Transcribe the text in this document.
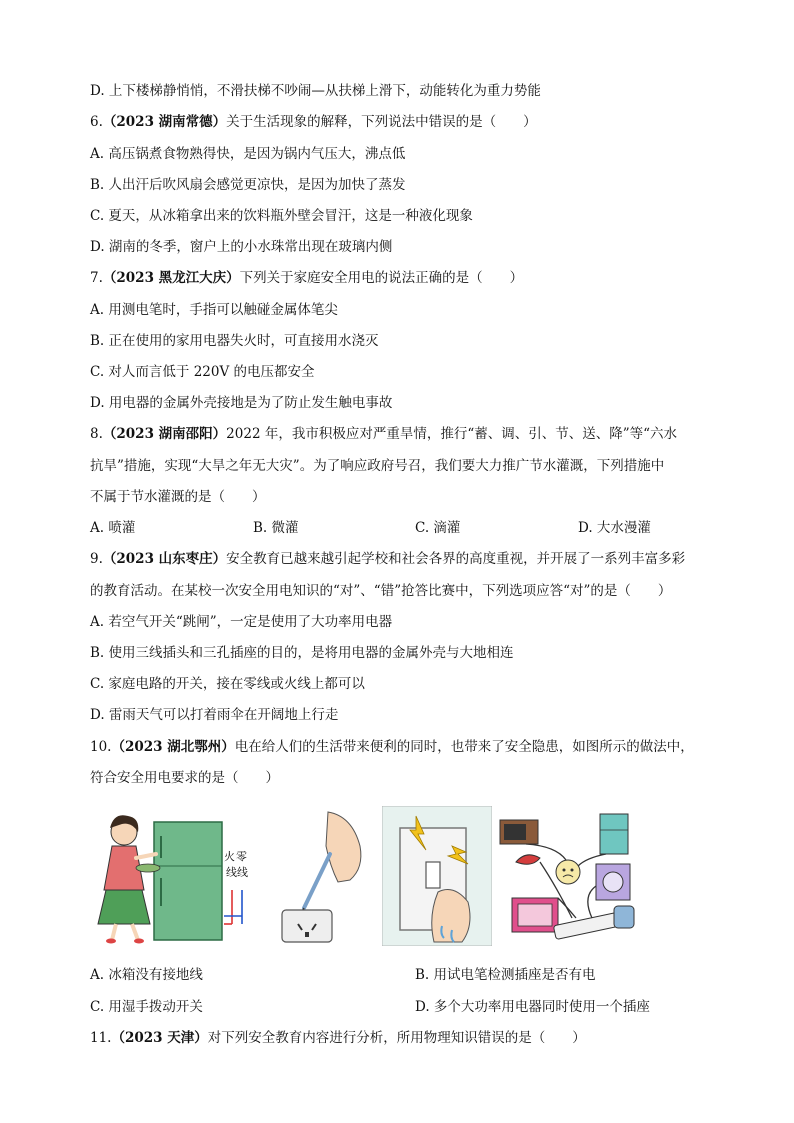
D. 上下楼梯静悄悄，不滑扶梯不吵闹—从扶梯上滑下，动能转化为重力势能
6.（2023 湖南常德）关于生活现象的解释，下列说法中错误的是（　　）
A. 高压锅煮食物熟得快，是因为锅内气压大，沸点低
B. 人出汗后吹风扇会感觉更凉快，是因为加快了蒸发
C. 夏天，从冰箱拿出来的饮料瓶外壁会冒汗，这是一种液化现象
D. 湖南的冬季，窗户上的小水珠常出现在玻璃内侧
7.（2023 黑龙江大庆）下列关于家庭安全用电的说法正确的是（　　）
A. 用测电笔时，手指可以触碰金属体笔尖
B. 正在使用的家用电器失火时，可直接用水浇灭
C. 对人而言低于 220V 的电压都安全
D. 用电器的金属外壳接地是为了防止发生触电事故
8.（2023 湖南邵阳）2022 年，我市积极应对严重旱情，推行“蓄、调、引、节、送、降”等“六水
抗旱”措施，实现“大旱之年无大灾”。为了响应政府号召，我们要大力推广节水灌溉，下列措施中
不属于节水灌溉的是（　　）
A. 喷灌	B. 微灌	C. 滴灌	D. 大水漫灌
9.（2023 山东枣庄）安全教育已越来越引起学校和社会各界的高度重视，并开展了一系列丰富多彩
的教育活动。在某校一次安全用电知识的“对”、“错”抢答比赛中，下列选项应答“对”的是（　　）
A. 若空气开关“跳闸”，一定是使用了大功率用电器
B. 使用三线插头和三孔插座的目的，是将用电器的金属外壳与大地相连
C. 家庭电路的开关，接在零线或火线上都可以
D. 雷雨天气可以打着雨伞在开阔地上行走
10.（2023 湖北鄂州）电在给人们的生活带来便利的同时，也带来了安全隐患，如图所示的做法中，
符合安全用电要求的是（　　）
火 零
线线
A. 冰箱没有接地线	B. 用试电笔检测插座是否有电
C. 用湿手拨动开关	D. 多个大功率用电器同时使用一个插座
11.（2023 天津）对下列安全教育内容进行分析，所用物理知识错误的是（　　）
